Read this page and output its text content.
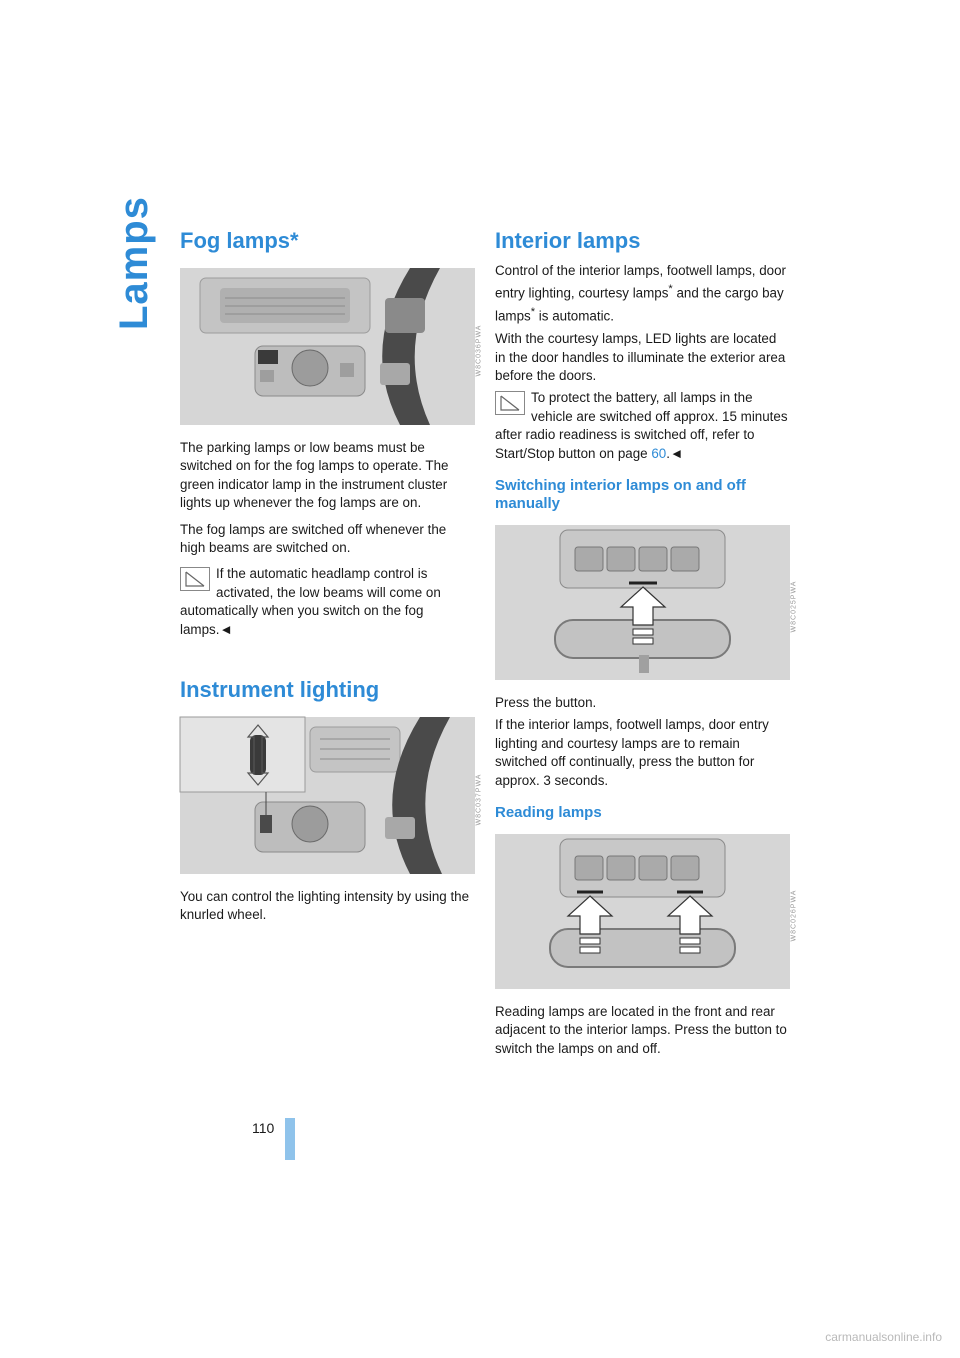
Lamps
110
Fog lamps*
W8C036PWA

The parking lamps or low beams must be switched on for the fog lamps to operate. The green indicator lamp in the instrument cluster lights up whenever the fog lamps are on.

The fog lamps are switched off whenever the high beams are switched on.

If the automatic headlamp control is activated, the low beams will come on automatically when you switch on the fog lamps.◄

Instrument lighting
W8C037PWA

You can control the lighting intensity by using the knurled wheel.

Interior lamps

Control of the interior lamps, footwell lamps, door entry lighting, courtesy lamps* and the cargo bay lamps* is automatic.

With the courtesy lamps, LED lights are located in the door handles to illuminate the exterior area before the doors.

To protect the battery, all lamps in the vehicle are switched off approx. 15 minutes after radio readiness is switched off, refer to Start/Stop button on page 60.◄

Switching interior lamps on and off manually
W8C025PWA

Press the button.

If the interior lamps, footwell lamps, door entry lighting and courtesy lamps are to remain switched off continually, press the button for approx. 3 seconds.

Reading lamps
W8C026PWA

Reading lamps are located in the front and rear adjacent to the interior lamps. Press the button to switch the lamps on and off.

carmanualsonline.info
